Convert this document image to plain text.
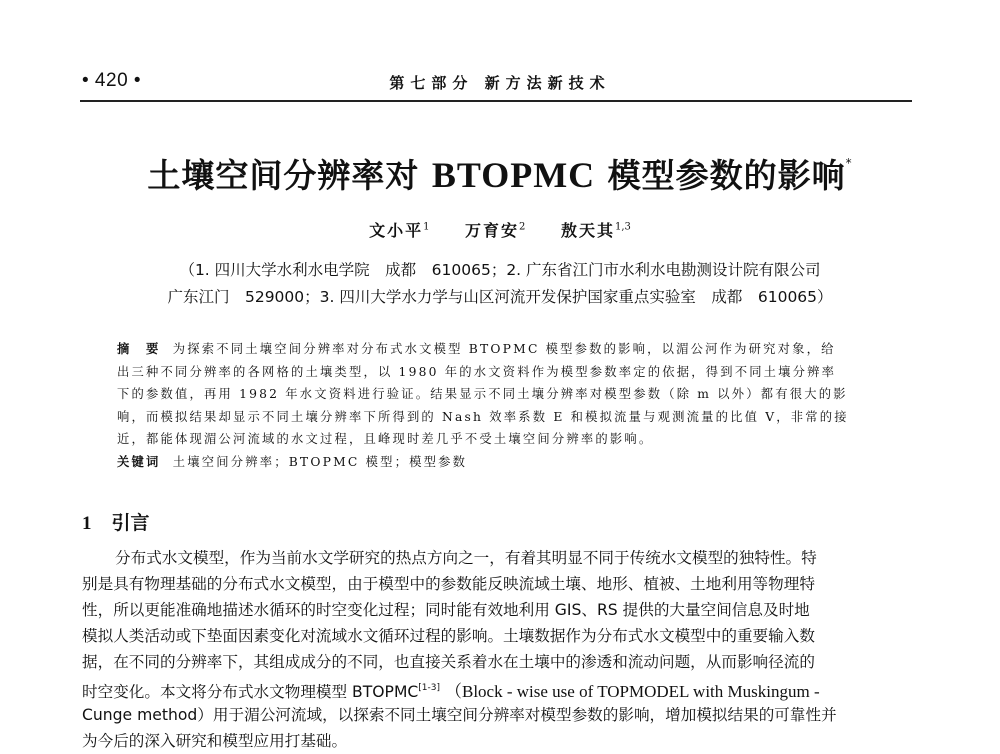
• 420 •	第七部分 新方法新技术
土壤空间分辨率对 BTOPMC 模型参数的影响*
文小平$^1$ 万育安$^2$ 敖天其$^{1,3}$
（1. 四川大学水利水电学院　成都　610065；2. 广东省江门市水利水电勘测设计院有限公司
广东江门　529000；3. 四川大学水力学与山区河流开发保护国家重点实验室　成都　610065）
摘　要 为探索不同土壤空间分辨率对分布式水文模型 BTOPMC 模型参数的影响，以湄公河作为研究对象，给
出三种不同分辨率的各网格的土壤类型，以 1980 年的水文资料作为模型参数率定的依据，得到不同土壤分辨率
下的参数值，再用 1982 年水文资料进行验证。结果显示不同土壤分辨率对模型参数（除 m 以外）都有很大的影
响，而模拟结果却显示不同土壤分辨率下所得到的 Nash 效率系数 E 和模拟流量与观测流量的比值 V，非常的接
近，都能体现湄公河流域的水文过程，且峰现时差几乎不受土壤空间分辨率的影响。
关键词 土壤空间分辨率；BTOPMC 模型；模型参数
1 引言
分布式水文模型，作为当前水文学研究的热点方向之一，有着其明显不同于传统水文模型的独特性。特
别是具有物理基础的分布式水文模型，由于模型中的参数能反映流域土壤、地形、植被、土地利用等物理特
性，所以更能准确地描述水循环的时空变化过程；同时能有效地利用 GIS、RS 提供的大量空间信息及时地
模拟人类活动或下垫面因素变化对流域水文循环过程的影响。土壤数据作为分布式水文模型中的重要输入数
据，在不同的分辨率下，其组成成分的不同，也直接关系着水在土壤中的渗透和流动问题，从而影响径流的
时空变化。本文将分布式水文物理模型 BTOPMC[1-3] （Block - wise use of TOPMODEL with Muskingum -
Cunge method）用于湄公河流域，以探索不同土壤空间分辨率对模型参数的影响，增加模拟结果的可靠性并
为今后的深入研究和模型应用打基础。
